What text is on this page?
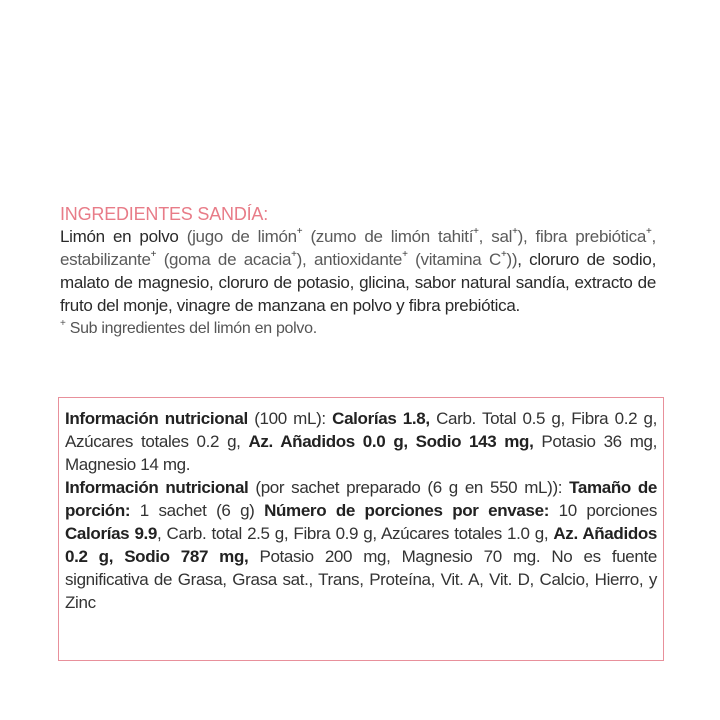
INGREDIENTES SANDÍA:

Limón en polvo (jugo de limón+ (zumo de limón tahití+, sal+), fibra prebiótica+, estabilizante+ (goma de acacia+), antioxidante+ (vitamina C+)), cloruro de sodio, malato de magnesio, cloruro de potasio, glicina, sabor natural sandía, extracto de fruto del monje, vinagre de manzana en polvo y fibra prebiótica.

+ Sub ingredientes del limón en polvo.

Información nutricional (100 mL): Calorías 1.8, Carb. Total 0.5 g, Fibra 0.2 g, Azúcares totales 0.2 g, Az. Añadidos 0.0 g, Sodio 143 mg, Potasio 36 mg, Magnesio 14 mg.

Información nutricional (por sachet preparado (6 g en 550 mL)): Tamaño de porción: 1 sachet (6 g) Número de porciones por envase: 10 porciones Calorías 9.9, Carb. total 2.5 g, Fibra 0.9 g, Azúcares totales 1.0 g, Az. Añadidos 0.2 g, Sodio 787 mg, Potasio 200 mg, Magnesio 70 mg. No es fuente significativa de Grasa, Grasa sat., Trans, Proteína, Vit. A, Vit. D, Calcio, Hierro, y Zinc
